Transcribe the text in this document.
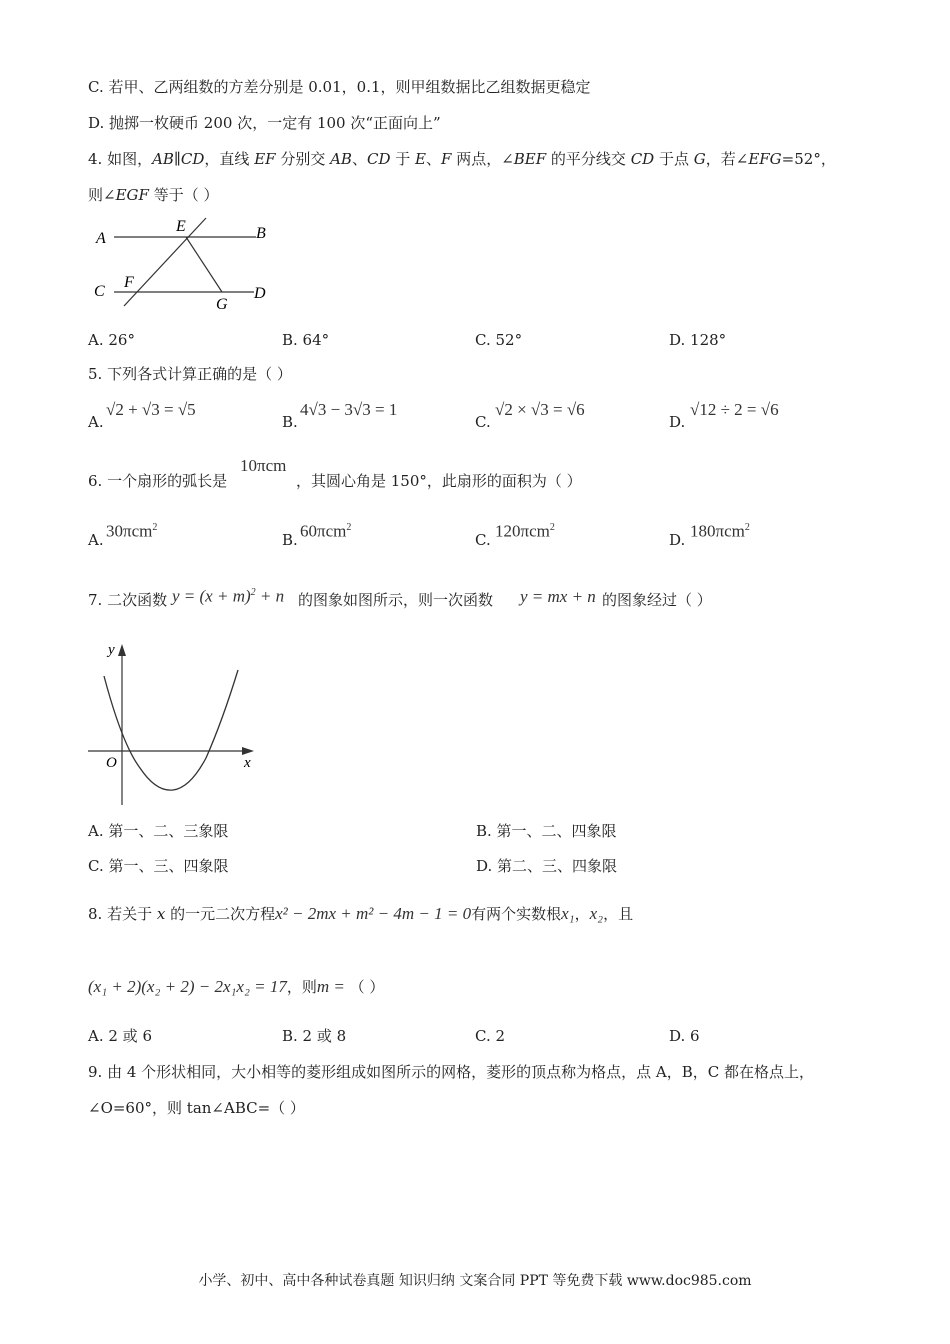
C. 若甲、乙两组数的方差分别是 0.01，0.1，则甲组数据比乙组数据更稳定
D. 抛掷一枚硬币 200 次，一定有 100 次“正面向上”
4. 如图，AB∥CD，直线 EF 分别交 AB、CD 于 E、F 两点，∠BEF 的平分线交 CD 于点 G，若∠EFG=52°，
则∠EGF 等于（ ）
A	B
E
C
F
G
D
A. 26°	B. 64°	C. 52°	D. 128°
5. 下列各式计算正确的是（ ）
A.
√2 + √3 = √5
B.
4√3 − 3√3 = 1
C.
√2 × √3 = √6
D.
√12 ÷ 2 = √6
6. 一个扇形的弧长是
10πcm
，其圆心角是 150°，此扇形的面积为（ ）
A. 30πcm$^2$
B. 60πcm$^2$
C. 120πcm$^2$
D. 180πcm$^2$
7. 二次函数 $y = (x + m)^2 + n$ 的图象如图所示，则一次函数 y = mx + n 的图象经过（ ）
y
x
O
A. 第一、二、三象限	B. 第一、二、四象限
C. 第一、三、四象限	D. 第二、三、四象限
8. 若关于 x 的一元二次方程x² − 2mx + m² − 4m − 1 = 0有两个实数根x₁，x₂，且
(x₁ + 2)(x₂ + 2) − 2x₁x₂ = 17，则m = （ ）
A. 2 或 6	B. 2 或 8	C. 2	D. 6
9. 由 4 个形状相同，大小相等的菱形组成如图所示的网格，菱形的顶点称为格点，点 A，B，C 都在格点上，
∠O=60°，则 tan∠ABC=（ ）
小学、初中、高中各种试卷真题 知识归纳 文案合同 PPT 等免费下载 www.doc985.com
